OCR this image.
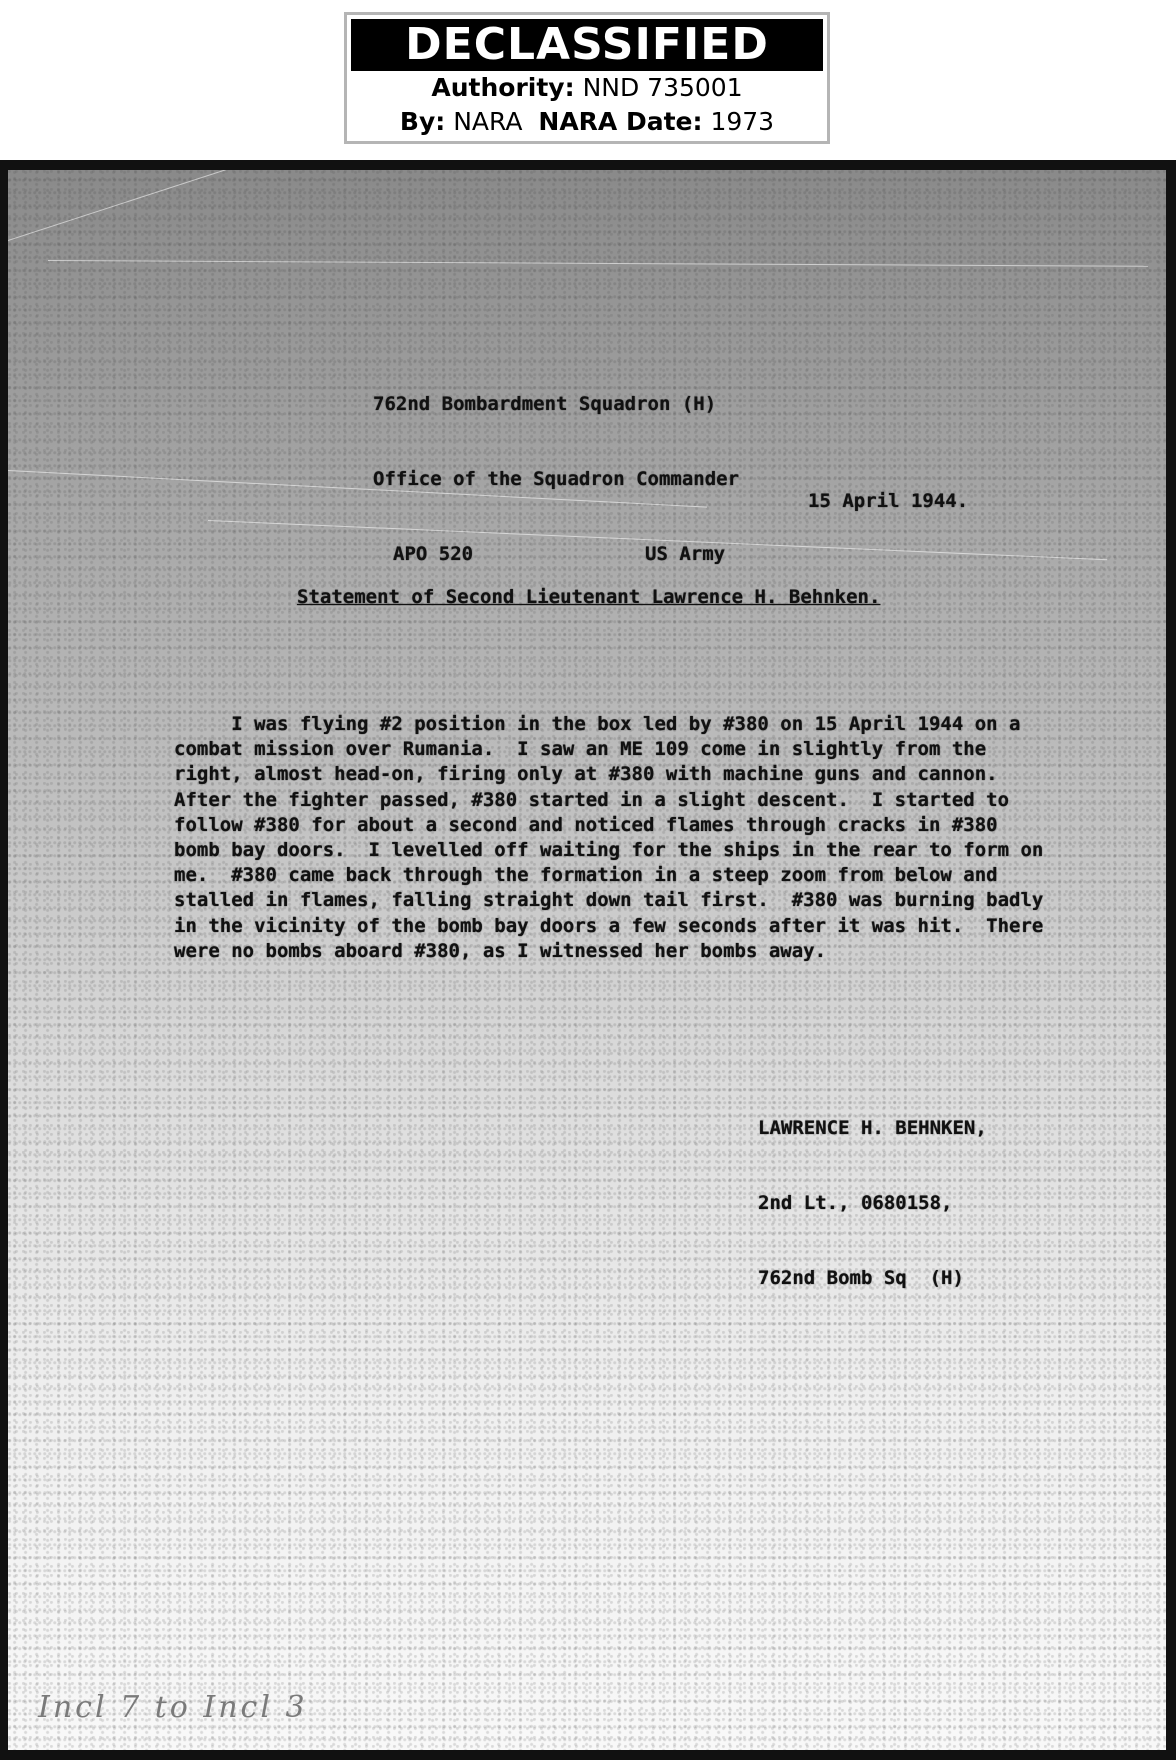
DECLASSIFIED
Authority: NND 735001
By: NARA NARA Date: 1973

762nd Bombardment Squadron (H)

Office of the Squadron Commander

APO 520	US Army

15 April 1944.
Statement of Second Lieutenant Lawrence H. Behnken.
I was flying #2 position in the box led by #380 on 15 April 1944 on a combat mission over Rumania.  I saw an ME 109 come in slightly from the right, almost head-on, firing only at #380 with machine guns and cannon.  After the fighter passed, #380 started in a slight descent.  I started to follow #380 for about a second and noticed flames through cracks in #380 bomb bay doors.  I levelled off waiting for the ships in the rear to form on me.  #380 came back through the formation in a steep zoom from below and stalled in flames, falling straight down tail first.  #380 was burning badly in the vicinity of the bomb bay doors a few seconds after it was hit.  There were no bombs aboard #380, as I witnessed her bombs away.

LAWRENCE H. BEHNKEN,

2nd Lt., 0680158,

762nd Bomb Sq  (H)

Incl 7 to Incl 3
